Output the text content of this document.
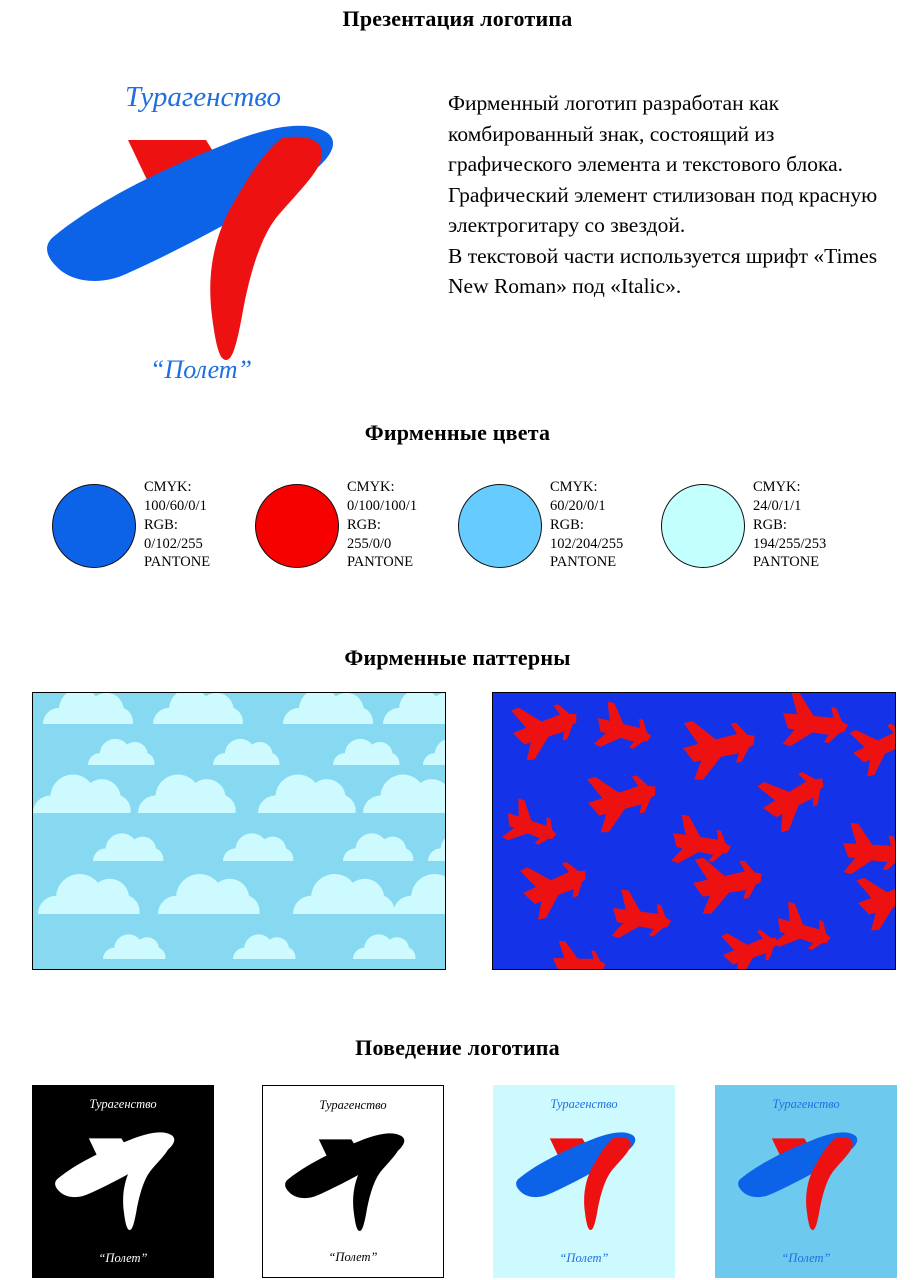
Презентация логотипа
Турагенство
“Полет”

Фирменный логотип разработан как комбированный знак, состоящий из графического элемента и текстового блока. Графический элемент стилизован под красную электрогитару со звездой.

В текстовой части используется шрифт «Times New Roman» под «Italic».

Фирменные цвета
CMYK:
100/60/0/1
RGB:
0/102/255
PANTONE
CMYK:
0/100/100/1
RGB:
255/0/0
PANTONE
CMYK:
60/20/0/1
RGB:
102/204/255
PANTONE
CMYK:
24/0/1/1
RGB:
194/255/253
PANTONE
Фирменные паттерны
Поведение логотипа
Турагенство
“Полет”
Турагенство
“Полет”
Турагенство
“Полет”
Турагенство
“Полет”
